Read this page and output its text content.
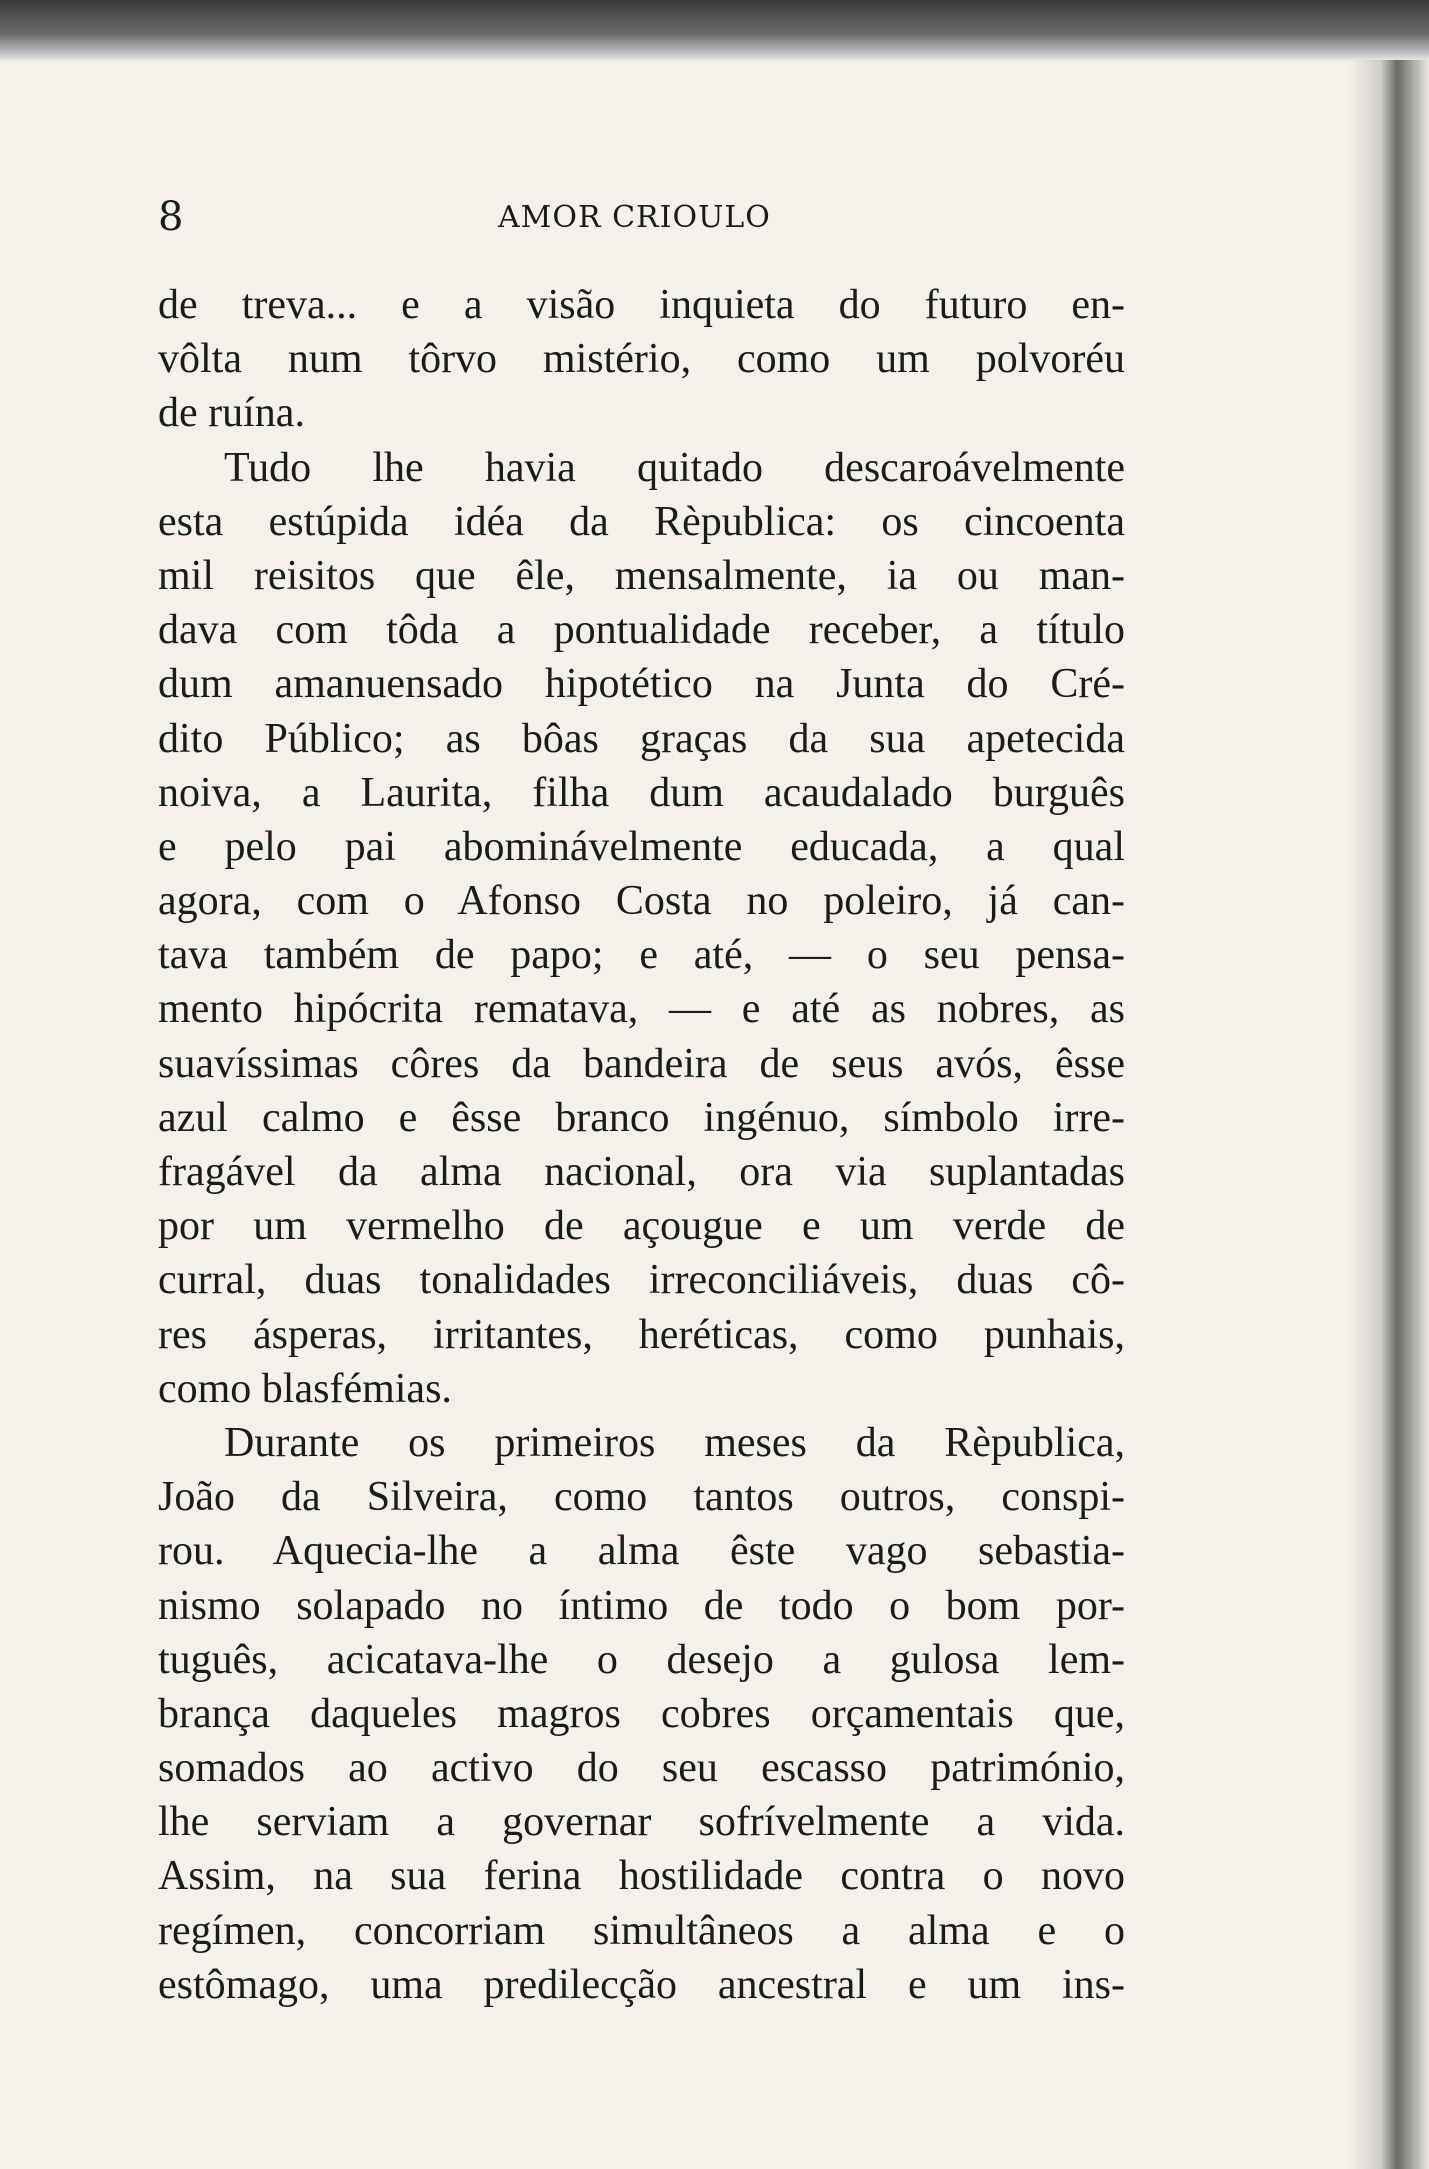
8	AMOR CRIOULO
de treva... e a visão inquieta do futuro en-
vôlta num tôrvo mistério, como um polvoréu
de ruína.
Tudo lhe havia quitado descaroávelmente
esta estúpida idéa da Rèpublica: os cincoenta
mil reisitos que êle, mensalmente, ia ou man-
dava com tôda a pontualidade receber, a título
dum amanuensado hipotético na Junta do Cré-
dito Público; as bôas graças da sua apetecida
noiva, a Laurita, filha dum acaudalado burguês
e pelo pai abominávelmente educada, a qual
agora, com o Afonso Costa no poleiro, já can-
tava também de papo; e até, — o seu pensa-
mento hipócrita rematava, — e até as nobres, as
suavíssimas côres da bandeira de seus avós, êsse
azul calmo e êsse branco ingénuo, símbolo irre-
fragável da alma nacional, ora via suplantadas
por um vermelho de açougue e um verde de
curral, duas tonalidades irreconciliáveis, duas cô-
res ásperas, irritantes, heréticas, como punhais,
como blasfémias.
Durante os primeiros meses da Rèpublica,
João da Silveira, como tantos outros, conspi-
rou. Aquecia-lhe a alma êste vago sebastia-
nismo solapado no íntimo de todo o bom por-
tuguês, acicatava-lhe o desejo a gulosa lem-
brança daqueles magros cobres orçamentais que,
somados ao activo do seu escasso património,
lhe serviam a governar sofrívelmente a vida.
Assim, na sua ferina hostilidade contra o novo
regímen, concorriam simultâneos a alma e o
estômago, uma predilecção ancestral e um ins-
